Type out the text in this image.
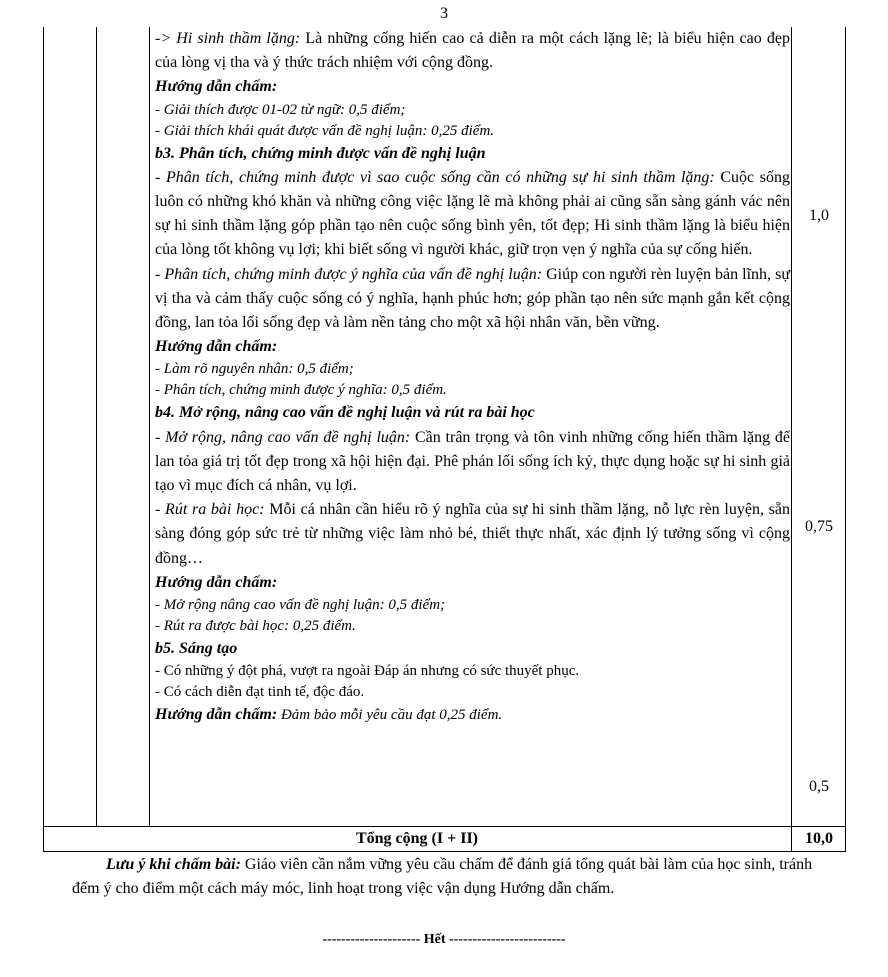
3
-> Hi sinh thầm lặng: Là những cống hiến cao cả diễn ra một cách lặng lẽ; là biểu hiện cao đẹp của lòng vị tha và ý thức trách nhiệm với cộng đồng.
Hướng dẫn chấm:
- Giải thích được 01-02 từ ngữ: 0,5 điểm;
- Giải thích khái quát được vấn đề nghị luận: 0,25 điểm.
b3. Phân tích, chứng minh được vấn đề nghị luận
- Phân tích, chứng minh được vì sao cuộc sống cần có những sự hi sinh thầm lặng: Cuộc sống luôn có những khó khăn và những công việc lặng lẽ mà không phải ai cũng sẵn sàng gánh vác nên sự hi sinh thầm lặng góp phần tạo nên cuộc sống bình yên, tốt đẹp; Hi sinh thầm lặng là biểu hiện của lòng tốt không vụ lợi; khi biết sống vì người khác, giữ trọn vẹn ý nghĩa của sự cống hiến.
- Phân tích, chứng minh được ý nghĩa của vấn đề nghị luận: Giúp con người rèn luyện bản lĩnh, sự vị tha và cảm thấy cuộc sống có ý nghĩa, hạnh phúc hơn; góp phần tạo nên sức mạnh gắn kết cộng đồng, lan tỏa lối sống đẹp và làm nền tảng cho một xã hội nhân văn, bền vững.
Hướng dẫn chấm:
- Làm rõ nguyên nhân: 0,5 điểm;
- Phân tích, chứng minh được ý nghĩa: 0,5 điểm.
b4. Mở rộng, nâng cao vấn đề nghị luận và rút ra bài học
- Mở rộng, nâng cao vấn đề nghị luận: Cần trân trọng và tôn vinh những cống hiến thầm lặng để lan tỏa giá trị tốt đẹp trong xã hội hiện đại. Phê phán lối sống ích kỷ, thực dụng hoặc sự hi sinh giả tạo vì mục đích cá nhân, vụ lợi.
- Rút ra bài học: Mỗi cá nhân cần hiểu rõ ý nghĩa của sự hi sinh thầm lặng, nỗ lực rèn luyện, sẵn sàng đóng góp sức trẻ từ những việc làm nhỏ bé, thiết thực nhất, xác định lý tưởng sống vì cộng đồng…
Hướng dẫn chấm:
- Mở rộng nâng cao vấn đề nghị luận: 0,5 điểm;
- Rút ra được bài học: 0,25 điểm.
b5. Sáng tạo
- Có những ý đột phá, vượt ra ngoài Đáp án nhưng có sức thuyết phục.
- Có cách diễn đạt tinh tế, độc đáo.
Hướng dẫn chấm: Đảm bảo mỗi yêu cầu đạt 0,25 điểm.
1,0
0,75
0,5
Tổng cộng (I + II)	10,0
Lưu ý khi chấm bài: Giáo viên cần nắm vững yêu cầu chấm để đánh giá tổng quát bài làm của học sinh, tránh đếm ý cho điểm một cách máy móc, linh hoạt trong việc vận dụng Hướng dẫn chấm.
--------------------- Hết -------------------------
